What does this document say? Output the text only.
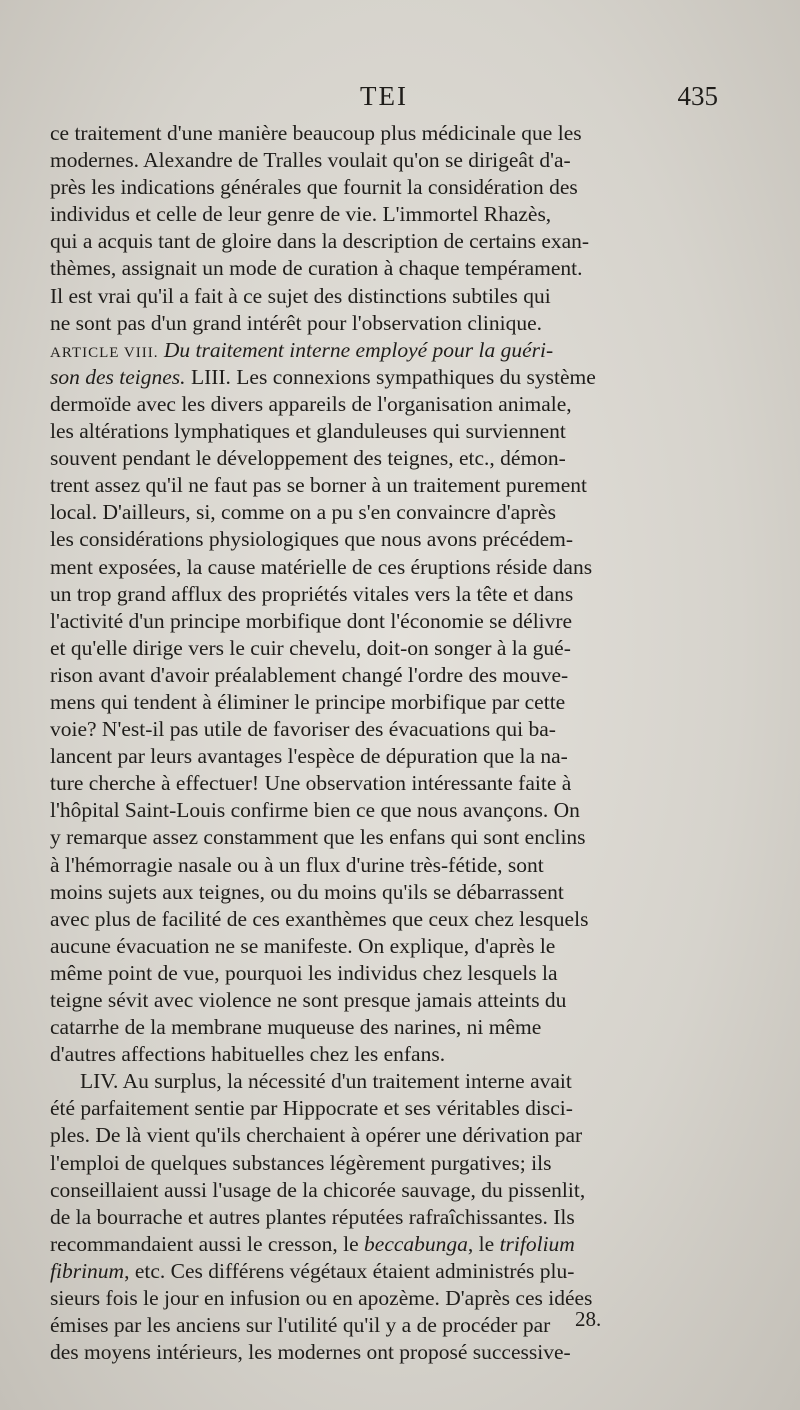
TEI	435
ce traitement d'une manière beaucoup plus médicinale que les
modernes. Alexandre de Tralles voulait qu'on se dirigeât d'a-
près les indications générales que fournit la considération des
individus et celle de leur genre de vie. L'immortel Rhazès,
qui a acquis tant de gloire dans la description de certains exan-
thèmes, assignait un mode de curation à chaque tempérament.
Il est vrai qu'il a fait à ce sujet des distinctions subtiles qui
ne sont pas d'un grand intérêt pour l'observation clinique.
ARTICLE VIII. Du traitement interne employé pour la guéri-
son des teignes. LIII. Les connexions sympathiques du système
dermoïde avec les divers appareils de l'organisation animale,
les altérations lymphatiques et glanduleuses qui surviennent
souvent pendant le développement des teignes, etc., démon-
trent assez qu'il ne faut pas se borner à un traitement purement
local. D'ailleurs, si, comme on a pu s'en convaincre d'après
les considérations physiologiques que nous avons précédem-
ment exposées, la cause matérielle de ces éruptions réside dans
un trop grand afflux des propriétés vitales vers la tête et dans
l'activité d'un principe morbifique dont l'économie se délivre
et qu'elle dirige vers le cuir chevelu, doit-on songer à la gué-
rison avant d'avoir préalablement changé l'ordre des mouve-
mens qui tendent à éliminer le principe morbifique par cette
voie? N'est-il pas utile de favoriser des évacuations qui ba-
lancent par leurs avantages l'espèce de dépuration que la na-
ture cherche à effectuer! Une observation intéressante faite à
l'hôpital Saint-Louis confirme bien ce que nous avançons. On
y remarque assez constamment que les enfans qui sont enclins
à l'hémorragie nasale ou à un flux d'urine très-fétide, sont
moins sujets aux teignes, ou du moins qu'ils se débarrassent
avec plus de facilité de ces exanthèmes que ceux chez lesquels
aucune évacuation ne se manifeste. On explique, d'après le
même point de vue, pourquoi les individus chez lesquels la
teigne sévit avec violence ne sont presque jamais atteints du
catarrhe de la membrane muqueuse des narines, ni même
d'autres affections habituelles chez les enfans.
LIV. Au surplus, la nécessité d'un traitement interne avait
été parfaitement sentie par Hippocrate et ses véritables disci-
ples. De là vient qu'ils cherchaient à opérer une dérivation par
l'emploi de quelques substances légèrement purgatives; ils
conseillaient aussi l'usage de la chicorée sauvage, du pissenlit,
de la bourrache et autres plantes réputées rafraîchissantes. Ils
recommandaient aussi le cresson, le beccabunga, le trifolium
fibrinum, etc. Ces différens végétaux étaient administrés plu-
sieurs fois le jour en infusion ou en apozème. D'après ces idées
émises par les anciens sur l'utilité qu'il y a de procéder par
des moyens intérieurs, les modernes ont proposé successive-
28.
